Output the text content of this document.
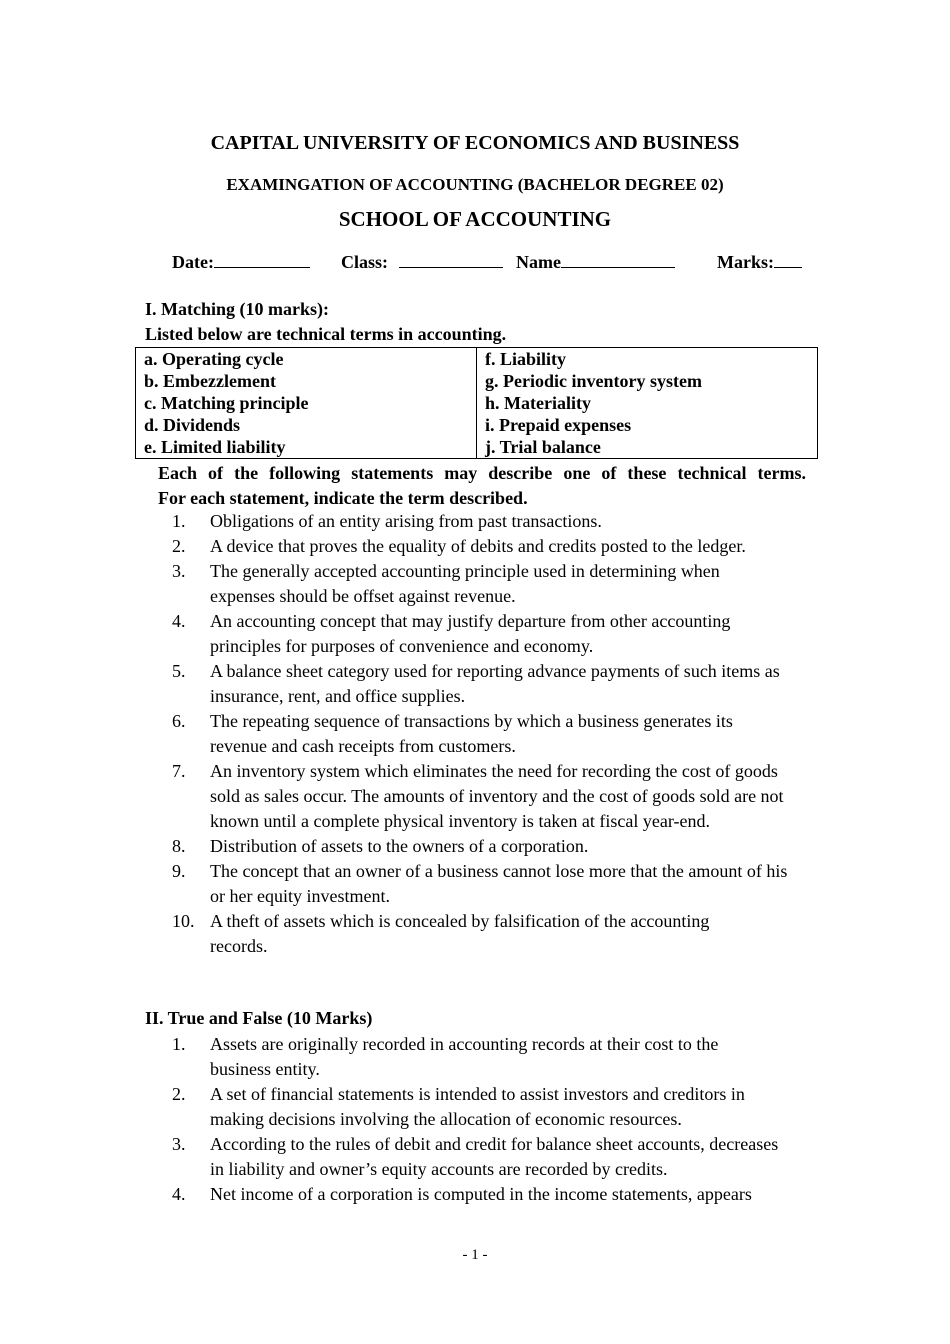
CAPITAL UNIVERSITY OF ECONOMICS AND BUSINESS
EXAMINGATION OF ACCOUNTING (BACHELOR DEGREE 02)
SCHOOL OF ACCOUNTING
Date:	Class:	Name	Marks:
I. Matching (10 marks):
Listed below are technical terms in accounting.
a. Operating cycle	f. Liability
b. Embezzlement	g. Periodic inventory system
c. Matching principle	h. Materiality
d. Dividends	i. Prepaid expenses
e. Limited liability	j. Trial balance
Each of the following statements may describe one of these technical terms.
For each statement, indicate the term described.
1.	Obligations of an entity arising from past transactions.
2.	A device that proves the equality of debits and credits posted to the ledger.
3.	The generally accepted accounting principle used in determining when expenses should be offset against revenue.
4.	An accounting concept that may justify departure from other accounting principles for purposes of convenience and economy.
5.	A balance sheet category used for reporting advance payments of such items as insurance, rent, and office supplies.
6.	The repeating sequence of transactions by which a business generates its revenue and cash receipts from customers.
7.	An inventory system which eliminates the need for recording the cost of goods sold as sales occur. The amounts of inventory and the cost of goods sold are not known until a complete physical inventory is taken at fiscal year-end.
8.	Distribution of assets to the owners of a corporation.
9.	The concept that an owner of a business cannot lose more that the amount of his or her equity investment.
10. A theft of assets which is concealed by falsification of the accounting records.
II. True and False (10 Marks)
1.	Assets are originally recorded in accounting records at their cost to the business entity.
2.	A set of financial statements is intended to assist investors and creditors in making decisions involving the allocation of economic resources.
3.	According to the rules of debit and credit for balance sheet accounts, decreases in liability and owner’s equity accounts are recorded by credits.
4.	Net income of a corporation is computed in the income statements, appears
- 1 -
